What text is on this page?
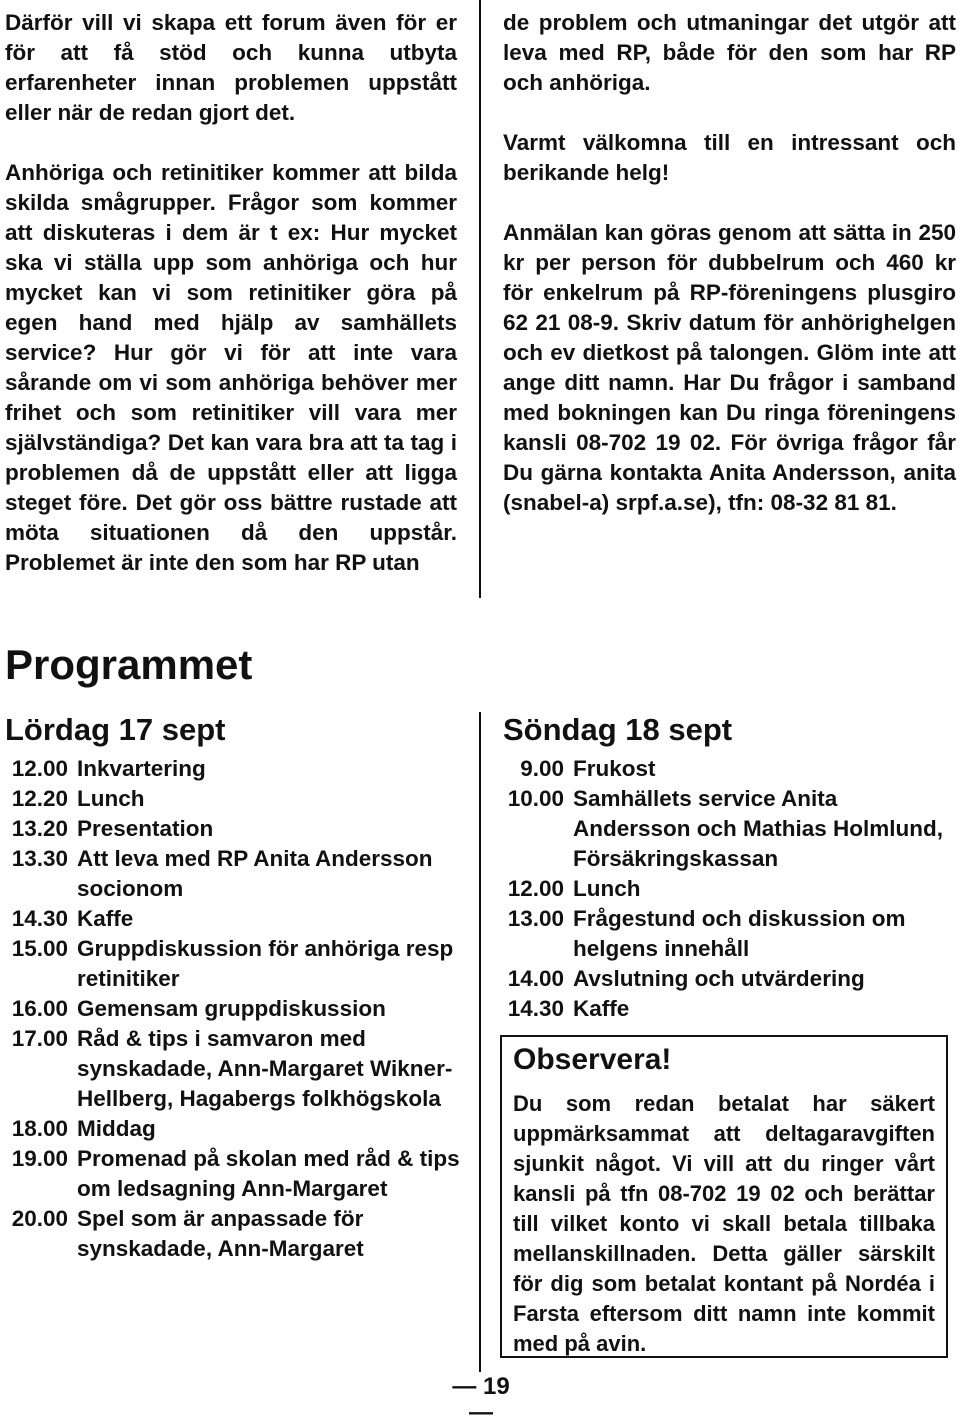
Därför vill vi skapa ett forum även för er för att få stöd och kunna utbyta erfarenheter innan problemen uppstått eller när de redan gjort det.

Anhöriga och retinitiker kommer att bilda skilda smågrupper. Frågor som kommer att diskuteras i dem är t ex: Hur mycket ska vi ställa upp som anhöriga och hur mycket kan vi som retinitiker göra på egen hand med hjälp av samhällets service? Hur gör vi för att inte vara sårande om vi som anhöriga behöver mer frihet och som retinitiker vill vara mer självständiga? Det kan vara bra att ta tag i problemen då de uppstått eller att ligga steget före. Det gör oss bättre rustade att möta situationen då den uppstår. Problemet är inte den som har RP utan

de problem och utmaningar det utgör att leva med RP, både för den som har RP och anhöriga.

Varmt välkomna till en intressant och berikande helg!

Anmälan kan göras genom att sätta in 250 kr per person för dubbelrum och 460 kr för enkelrum på RP-föreningens plusgiro 62 21 08-9. Skriv datum för anhörighelgen och ev dietkost på talongen. Glöm inte att ange ditt namn. Har Du frågor i samband med bokningen kan Du ringa föreningens kansli 08-702 19 02. För övriga frågor får Du gärna kontakta Anita Andersson, anita (snabel-a) srpf.a.se), tfn: 08-32 81 81.

Programmet
Lördag 17 sept
12.00 Inkvartering
12.20 Lunch
13.20 Presentation
13.30 Att leva med RP Anita Andersson socionom
14.30 Kaffe
15.00 Gruppdiskussion för anhöriga resp retinitiker
16.00 Gemensam gruppdiskussion
17.00 Råd & tips i samvaron med synskadade, Ann-Margaret Wikner-Hellberg, Hagabergs folkhögskola
18.00 Middag
19.00 Promenad på skolan med råd & tips om ledsagning Ann-Margaret
20.00 Spel som är anpassade för synskadade, Ann-Margaret
Söndag 18 sept
9.00 Frukost
10.00 Samhällets service Anita Andersson och Mathias Holmlund, Försäkringskassan
12.00 Lunch
13.00 Frågestund och diskussion om helgens innehåll
14.00 Avslutning och utvärdering
14.30 Kaffe
Observera!

Du som redan betalat har säkert uppmärksammat att deltagaravgiften sjunkit något. Vi vill att du ringer vårt kansli på tfn 08-702 19 02 och berättar till vilket konto vi skall betala tillbaka mellanskillnaden. Detta gäller särskilt för dig som betalat kontant på Nordéa i Farsta eftersom ditt namn inte kommit med på avin.

— 19 —
